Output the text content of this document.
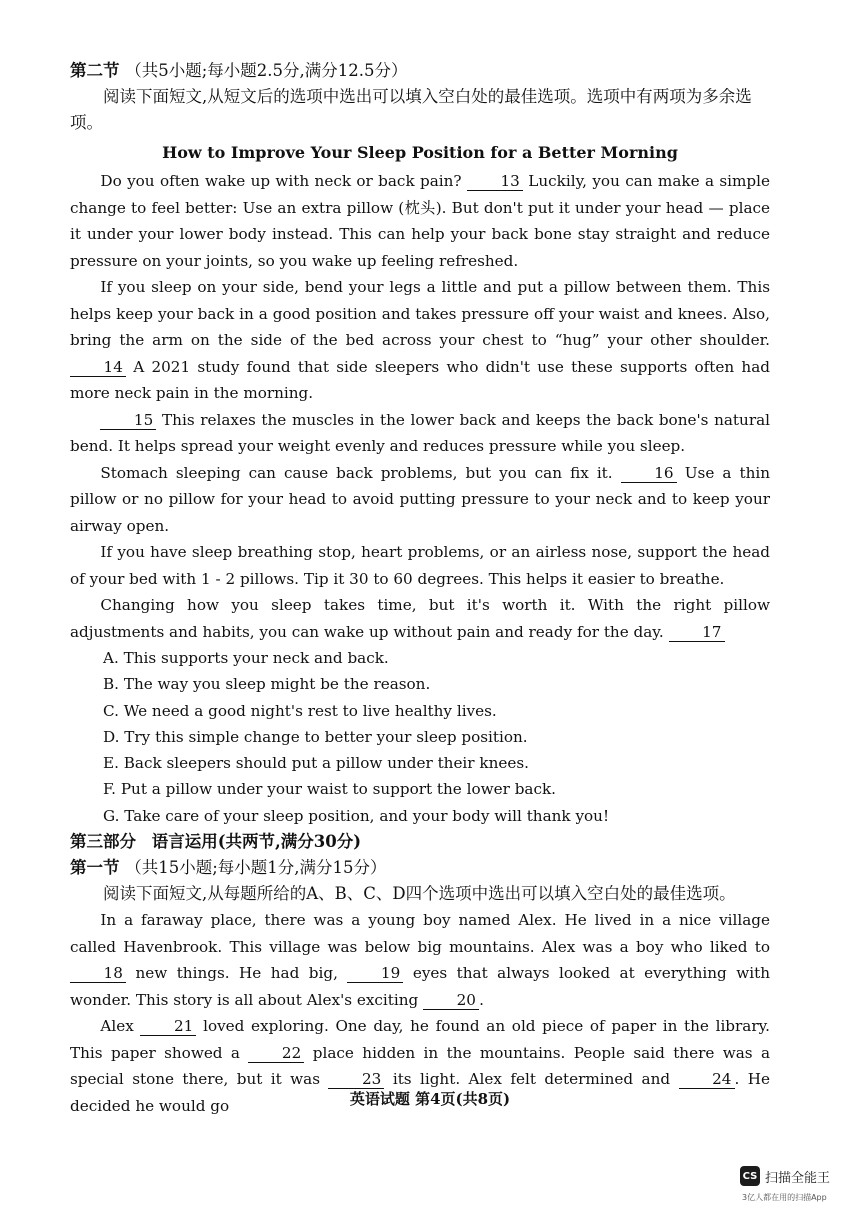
第二节 （共5小题;每小题2.5分,满分12.5分）

阅读下面短文,从短文后的选项中选出可以填入空白处的最佳选项。选项中有两项为多余选项。

How to Improve Your Sleep Position for a Better Morning

Do you often wake up with neck or back pain? 13 Luckily, you can make a simple change to feel better: Use an extra pillow (枕头). But don't put it under your head — place it under your lower body instead. This can help your back bone stay straight and reduce pressure on your joints, so you wake up feeling refreshed.

If you sleep on your side, bend your legs a little and put a pillow between them. This helps keep your back in a good position and takes pressure off your waist and knees. Also, bring the arm on the side of the bed across your chest to “hug” your other shoulder. 14 A 2021 study found that side sleepers who didn't use these supports often had more neck pain in the morning.

15 This relaxes the muscles in the lower back and keeps the back bone's natural bend. It helps spread your weight evenly and reduces pressure while you sleep.

Stomach sleeping can cause back problems, but you can fix it. 16 Use a thin pillow or no pillow for your head to avoid putting pressure to your neck and to keep your airway open.

If you have sleep breathing stop, heart problems, or an airless nose, support the head of your bed with 1 - 2 pillows. Tip it 30 to 60 degrees. This helps it easier to breathe.

Changing how you sleep takes time, but it's worth it. With the right pillow adjustments and habits, you can wake up without pain and ready for the day. 17

A. This supports your neck and back.

B. The way you sleep might be the reason.

C. We need a good night's rest to live healthy lives.

D. Try this simple change to better your sleep position.

E. Back sleepers should put a pillow under their knees.

F. Put a pillow under your waist to support the lower back.

G. Take care of your sleep position, and your body will thank you!

第三部分 语言运用(共两节,满分30分)

第一节 （共15小题;每小题1分,满分15分）

阅读下面短文,从每题所给的A、B、C、D四个选项中选出可以填入空白处的最佳选项。

In a faraway place, there was a young boy named Alex. He lived in a nice village called Havenbrook. This village was below big mountains. Alex was a boy who liked to 18 new things. He had big, 19 eyes that always looked at everything with wonder. This story is all about Alex's exciting 20 .

Alex 21 loved exploring. One day, he found an old piece of paper in the library. This paper showed a 22 place hidden in the mountains. People said there was a special stone there, but it was 23 its light. Alex felt determined and 24 . He decided he would go	英语试题 第4页(共8页)
CS 扫描全能王
3亿人都在用的扫描App
